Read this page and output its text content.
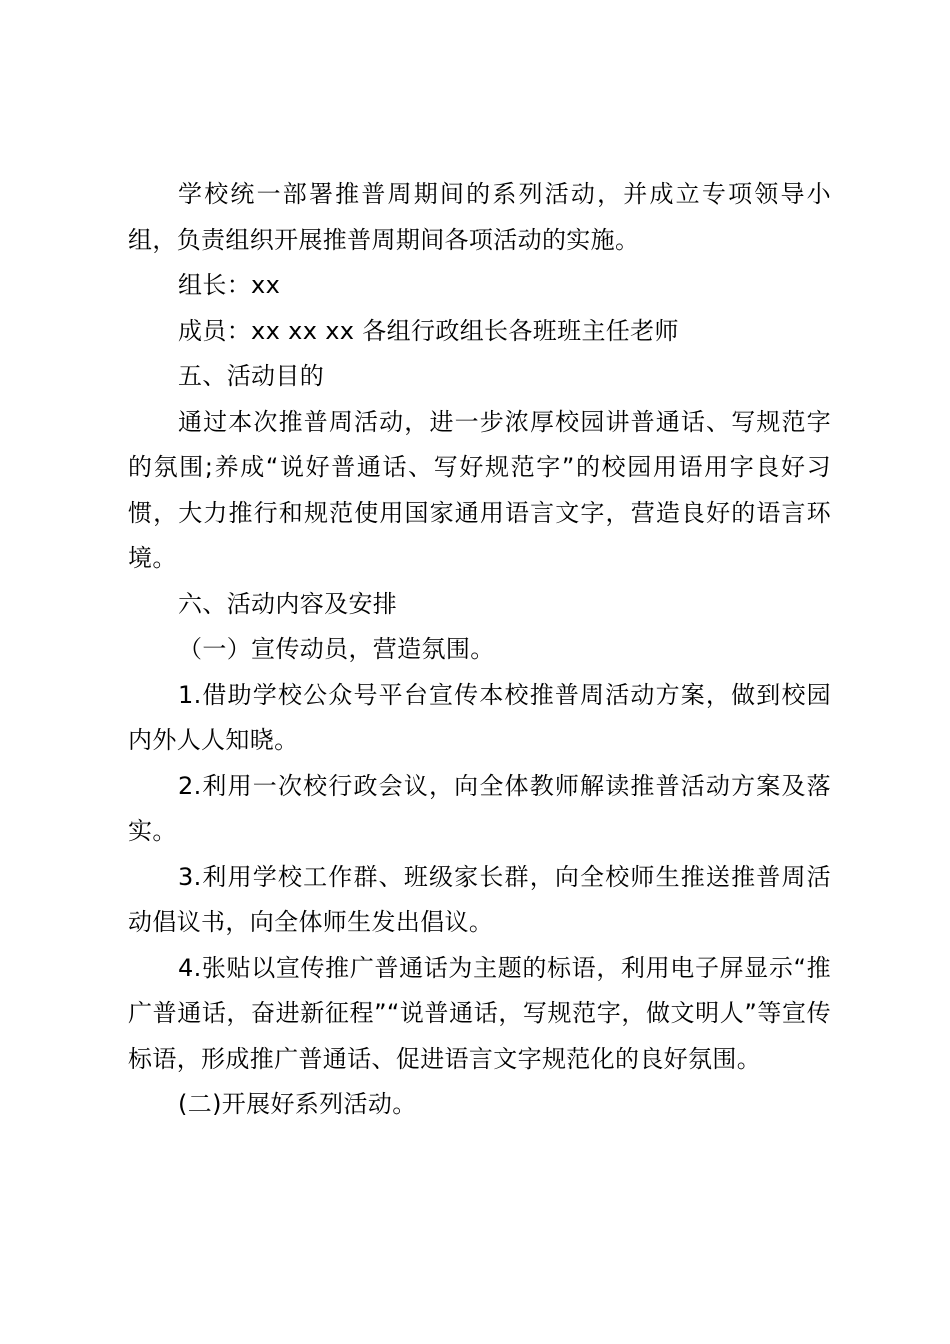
学校统一部署推普周期间的系列活动，并成立专项领导小组，负责组织开展推普周期间各项活动的实施。

组长：xx

成员：xx xx xx 各组行政组长各班班主任老师

五、活动目的

通过本次推普周活动，进一步浓厚校园讲普通话、写规范字的氛围;养成“说好普通话、写好规范字”的校园用语用字良好习惯，大力推行和规范使用国家通用语言文字，营造良好的语言环境。

六、活动内容及安排

（一）宣传动员，营造氛围。

1.借助学校公众号平台宣传本校推普周活动方案，做到校园内外人人知晓。

2.利用一次校行政会议，向全体教师解读推普活动方案及落实。

3.利用学校工作群、班级家长群，向全校师生推送推普周活动倡议书，向全体师生发出倡议。

4.张贴以宣传推广普通话为主题的标语，利用电子屏显示“推广普通话，奋进新征程”“说普通话，写规范字，做文明人”等宣传标语，形成推广普通话、促进语言文字规范化的良好氛围。

(二)开展好系列活动。
